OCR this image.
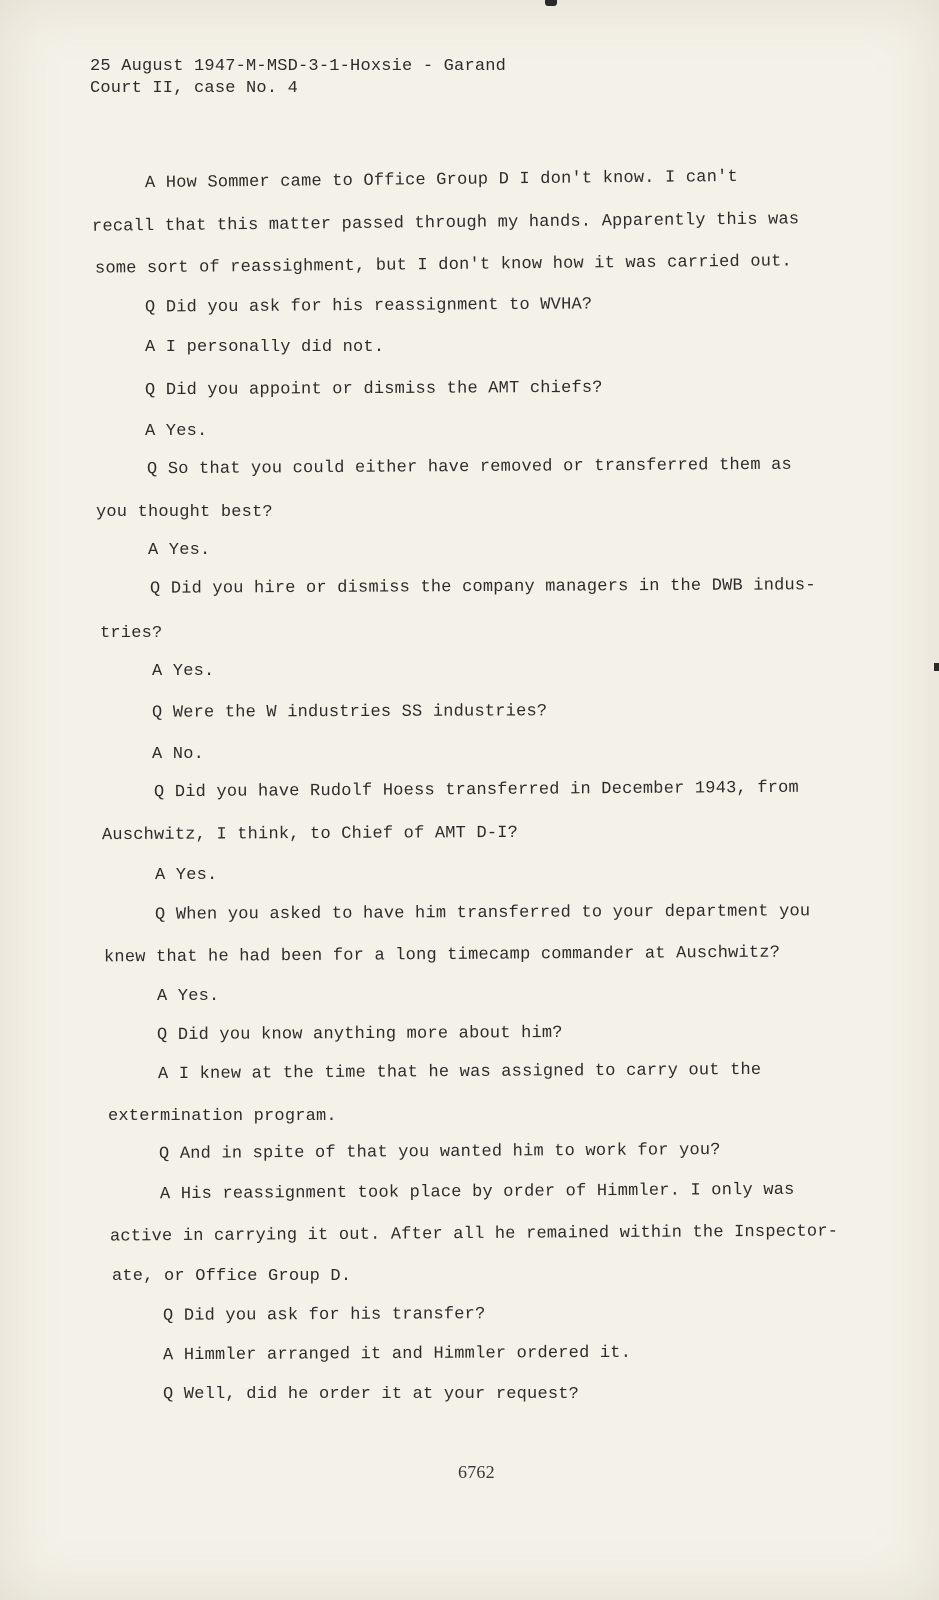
25 August 1947-M-MSD-3-1-Hoxsie - Garand
Court II, case No. 4
A How Sommer came to Office Group D I don't know. I can't
recall that this matter passed through my hands. Apparently this was
some sort of reassighment, but I don't know how it was carried out.
Q Did you ask for his reassignment to WVHA?
A I personally did not.
Q Did you appoint or dismiss the AMT chiefs?
A Yes.
Q So that you could either have removed or transferred them as
you thought best?
A Yes.
Q Did you hire or dismiss the company managers in the DWB indus-
tries?
A Yes.
Q Were the W industries SS industries?
A No.
Q Did you have Rudolf Hoess transferred in December 1943, from
Auschwitz, I think, to Chief of AMT D-I?
A Yes.
Q When you asked to have him transferred to your department you
knew that he had been for a long timecamp commander at Auschwitz?
A Yes.
Q Did you know anything more about him?
A I knew at the time that he was assigned to carry out the
extermination program.
Q And in spite of that you wanted him to work for you?
A His reassignment took place by order of Himmler. I only was
active in carrying it out. After all he remained within the Inspector-
ate, or Office Group D.
Q Did you ask for his transfer?
A Himmler arranged it and Himmler ordered it.
Q Well, did he order it at your request?
6762
